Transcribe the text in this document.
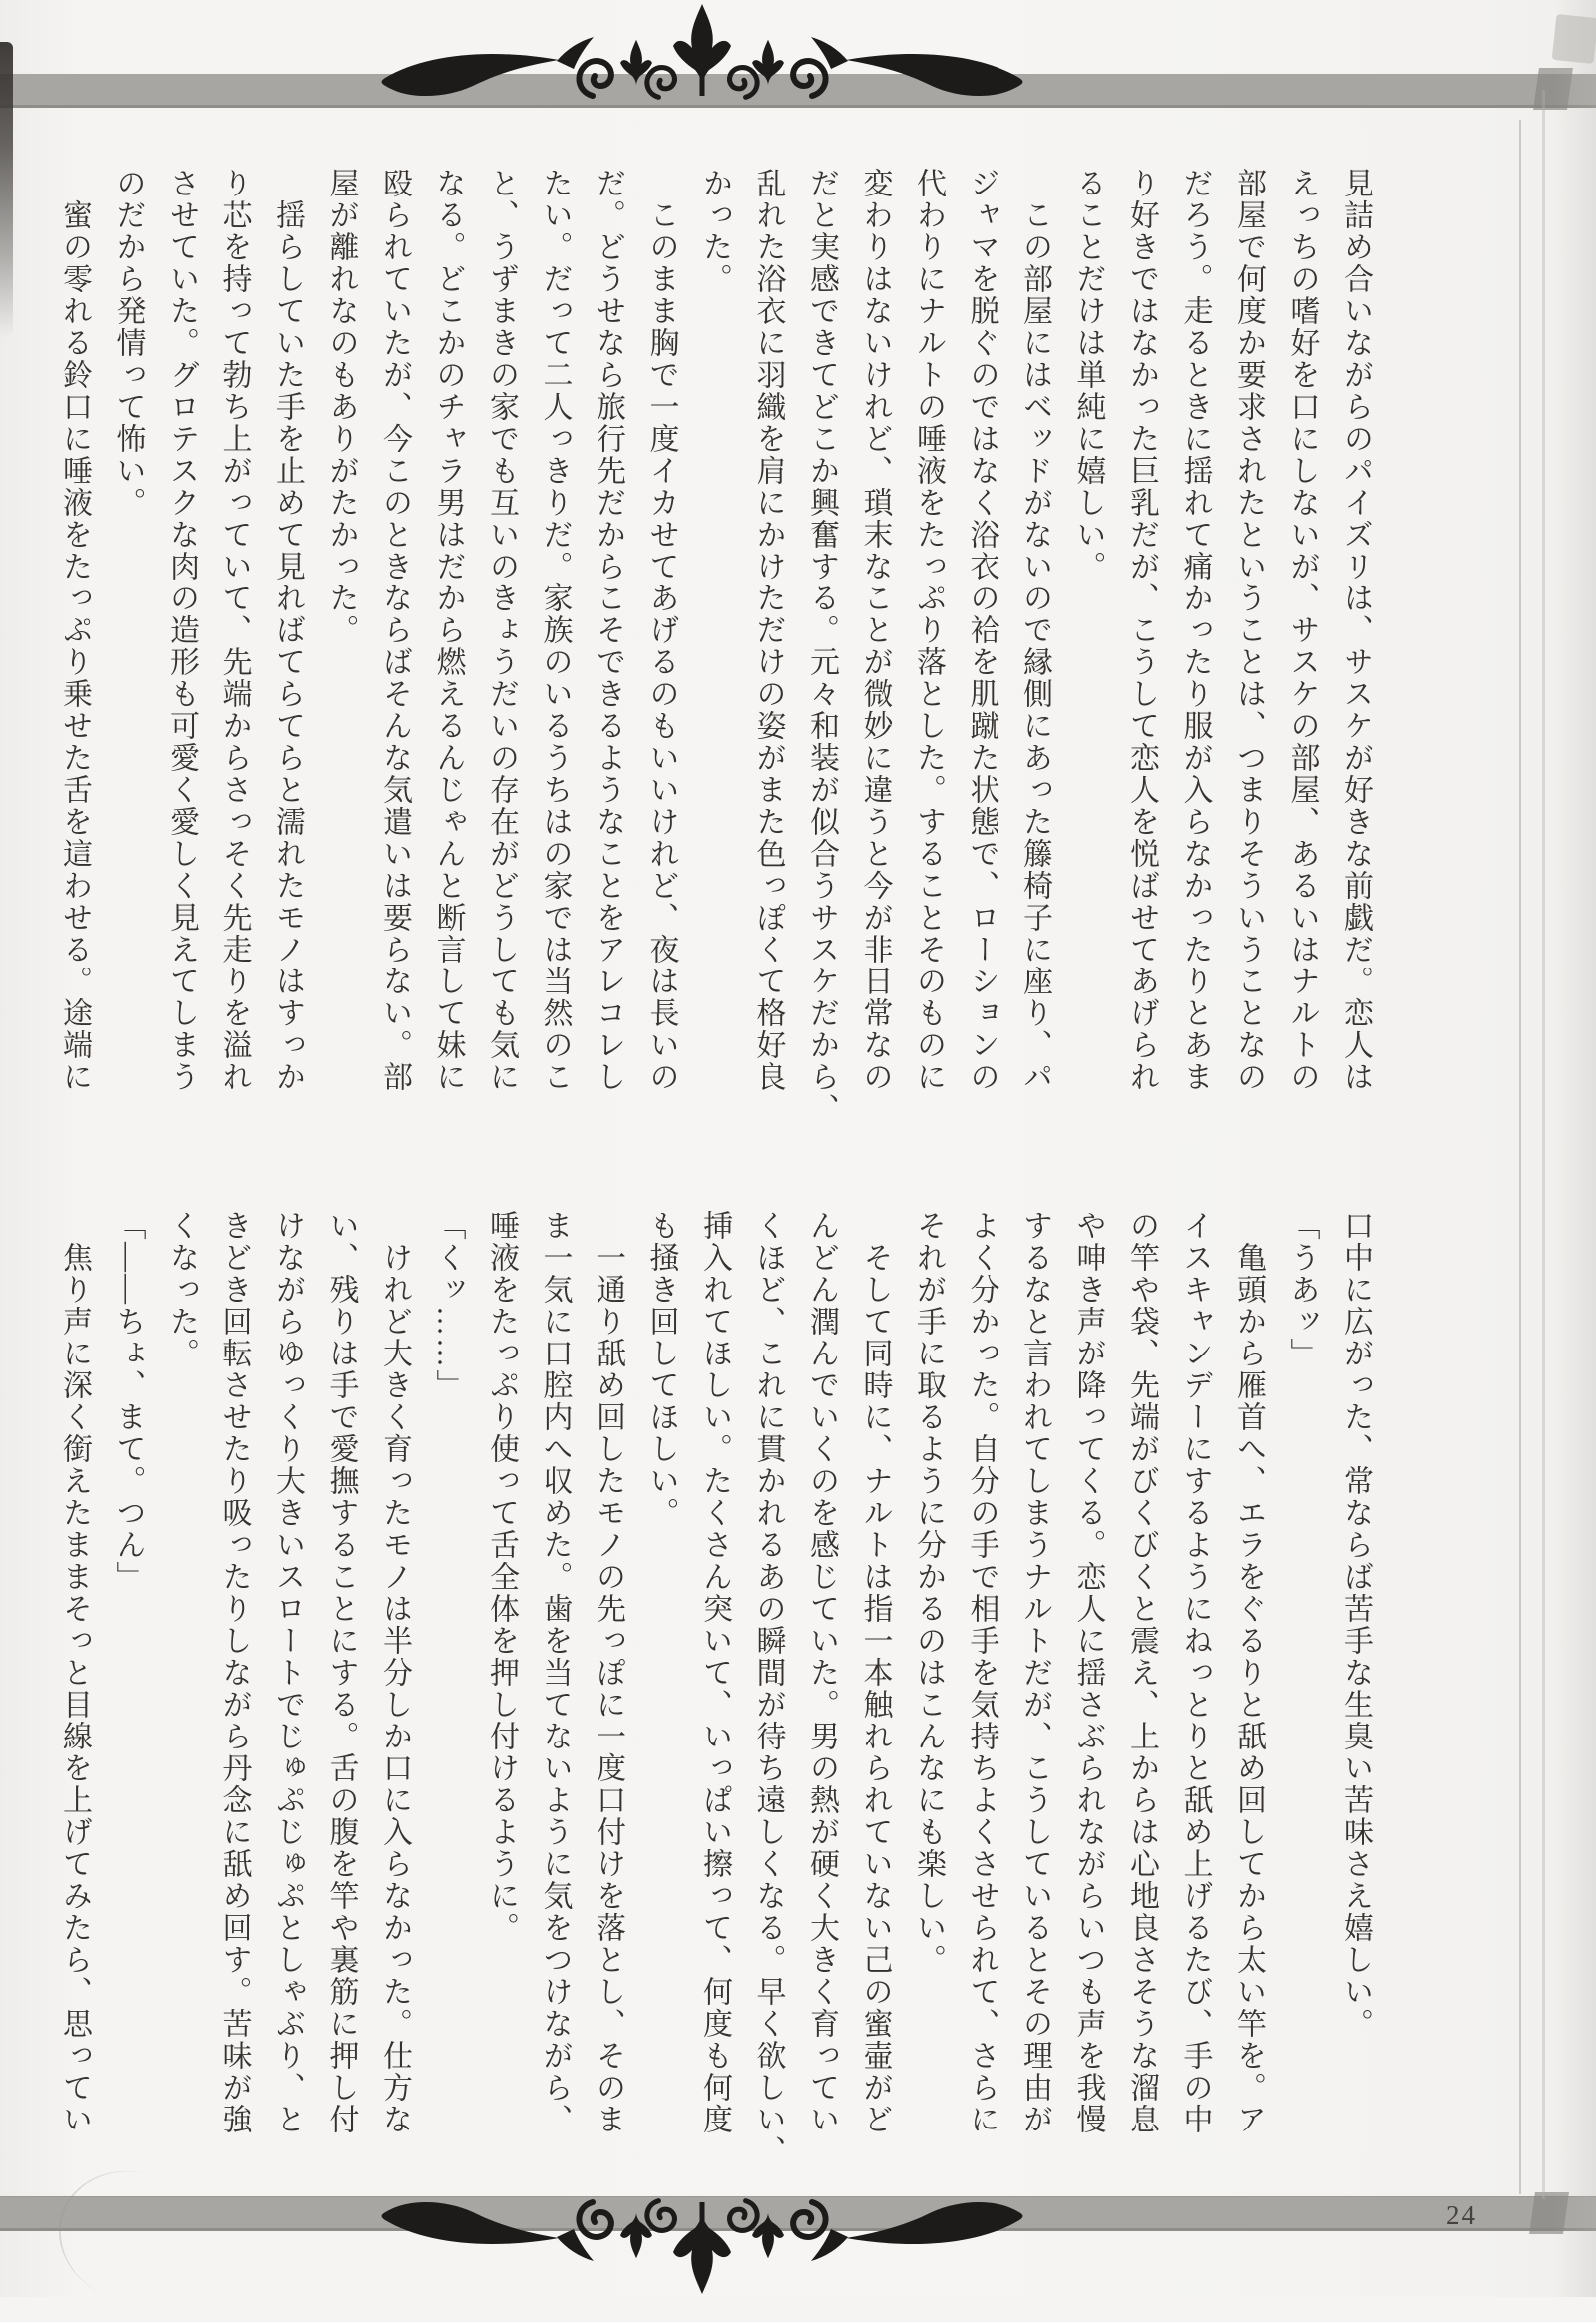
見詰め合いながらのパイズリは、サスケが好きな前戯だ。恋人は
えっちの嗜好を口にしないが、サスケの部屋、あるいはナルトの
部屋で何度か要求されたということは、つまりそういうことなの
だろう。走るときに揺れて痛かったり服が入らなかったりとあま
り好きではなかった巨乳だが、こうして恋人を悦ばせてあげられ
ることだけは単純に嬉しい。
この部屋にはベッドがないので縁側にあった籐椅子に座り、パ
ジャマを脱ぐのではなく浴衣の袷を肌蹴た状態で、ローションの
代わりにナルトの唾液をたっぷり落とした。することそのものに
変わりはないけれど、瑣末なことが微妙に違うと今が非日常なの
だと実感できてどこか興奮する。元々和装が似合うサスケだから、
乱れた浴衣に羽織を肩にかけただけの姿がまた色っぽくて格好良
かった。
このまま胸で一度イカせてあげるのもいいけれど、夜は長いの
だ。どうせなら旅行先だからこそできるようなことをアレコレし
たい。だって二人っきりだ。家族のいるうちはの家では当然のこ
と、うずまきの家でも互いのきょうだいの存在がどうしても気に
なる。どこかのチャラ男はだから燃えるんじゃんと断言して妹に
殴られていたが、今このときならばそんな気遣いは要らない。部
屋が離れなのもありがたかった。
揺らしていた手を止めて見ればてらてらと濡れたモノはすっか
り芯を持って勃ち上がっていて、先端からさっそく先走りを溢れ
させていた。グロテスクな肉の造形も可愛く愛しく見えてしまう
のだから発情って怖い。
蜜の零れる鈴口に唾液をたっぷり乗せた舌を這わせる。途端に
口中に広がった、常ならば苦手な生臭い苦味さえ嬉しい。
「うあッ」
亀頭から雁首へ、エラをぐるりと舐め回してから太い竿を。ア
イスキャンデーにするようにねっとりと舐め上げるたび、手の中
の竿や袋、先端がびくびくと震え、上からは心地良さそうな溜息
や呻き声が降ってくる。恋人に揺さぶられながらいつも声を我慢
するなと言われてしまうナルトだが、こうしているとその理由が
よく分かった。自分の手で相手を気持ちよくさせられて、さらに
それが手に取るように分かるのはこんなにも楽しい。
そして同時に、ナルトは指一本触れられていない己の蜜壷がど
んどん潤んでいくのを感じていた。男の熱が硬く大きく育ってい
くほど、これに貫かれるあの瞬間が待ち遠しくなる。早く欲しい、
挿入れてほしい。たくさん突いて、いっぱい擦って、何度も何度
も掻き回してほしい。
一通り舐め回したモノの先っぽに一度口付けを落とし、そのま
ま一気に口腔内へ収めた。歯を当てないように気をつけながら、
唾液をたっぷり使って舌全体を押し付けるように。
「くッ……」
けれど大きく育ったモノは半分しか口に入らなかった。仕方な
い、残りは手で愛撫することにする。舌の腹を竿や裏筋に押し付
けながらゆっくり大きいスロートでじゅぷじゅぷとしゃぶり、と
きどき回転させたり吸ったりしながら丹念に舐め回す。苦味が強
くなった。
「――ちょ、まて。つん」
焦り声に深く銜えたままそっと目線を上げてみたら、思ってい
24
